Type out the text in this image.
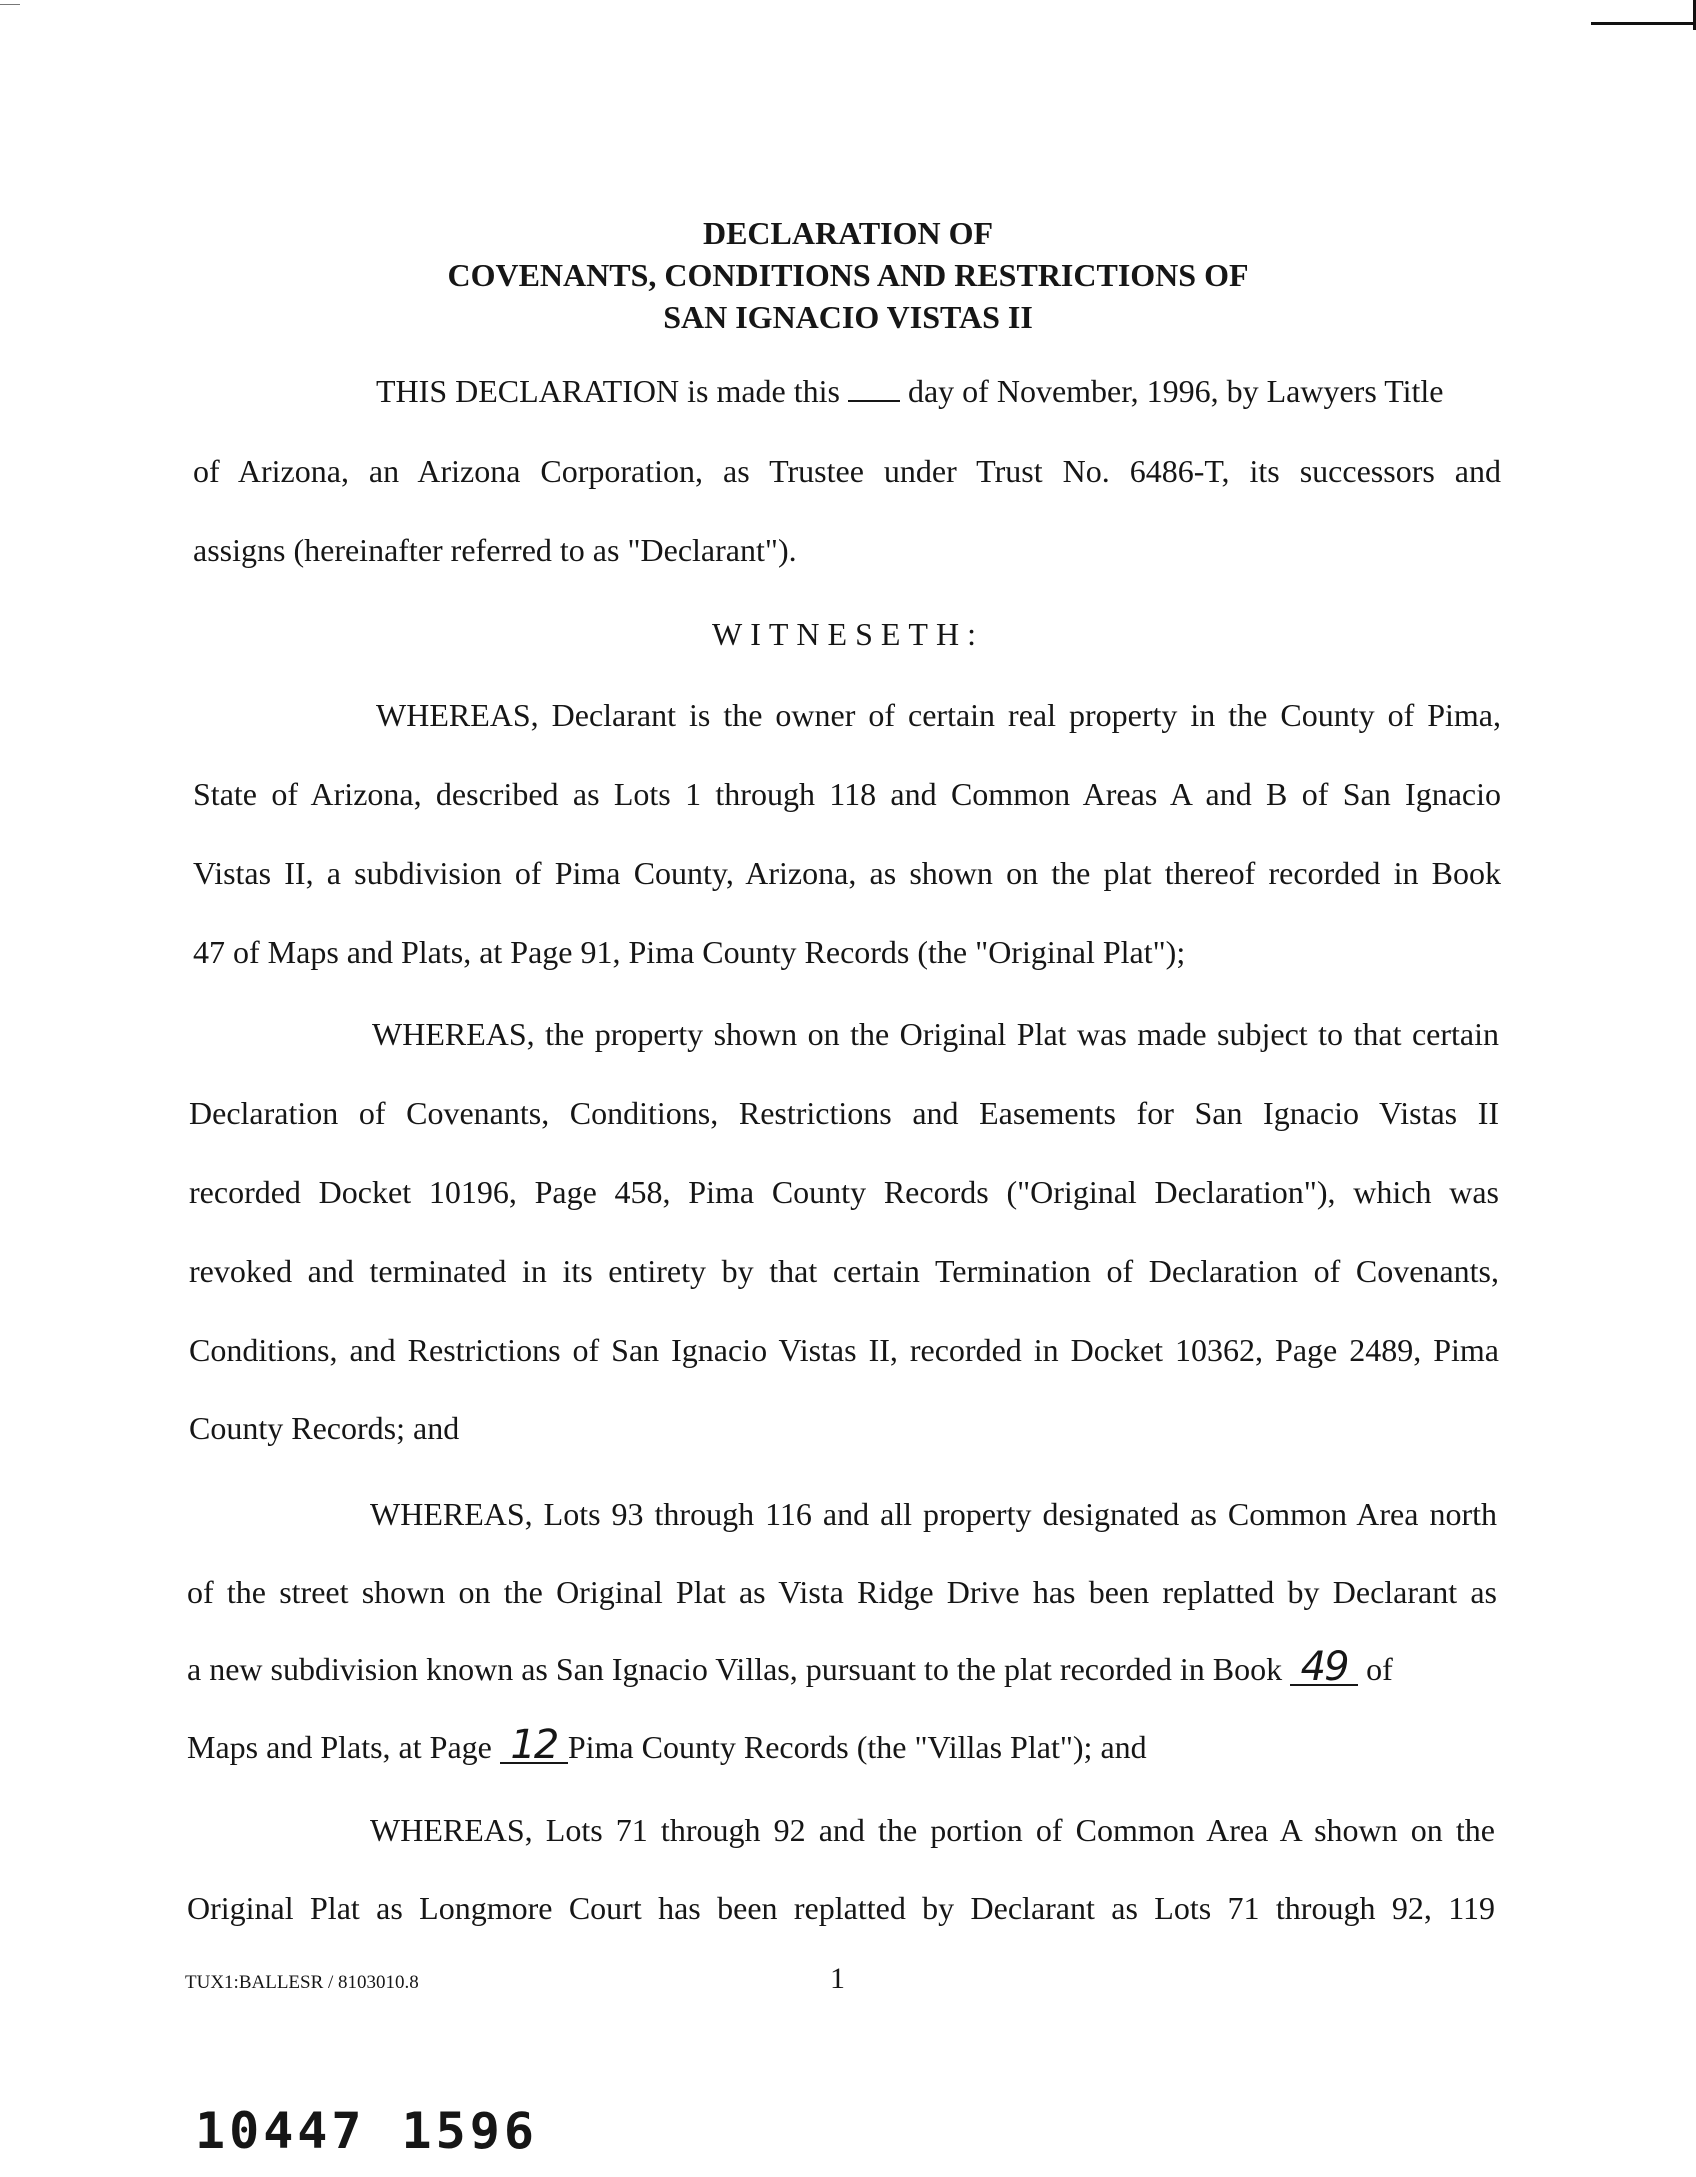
DECLARATION OF
COVENANTS, CONDITIONS AND RESTRICTIONS OF
SAN IGNACIO VISTAS II
THIS DECLARATION is made this day of November, 1996, by Lawyers Title
of Arizona, an Arizona Corporation, as Trustee under Trust No. 6486-T, its successors and
assigns (hereinafter referred to as "Declarant").
WITNESETH:
WHEREAS, Declarant is the owner of certain real property in the County of Pima,
State of Arizona, described as Lots 1 through 118 and Common Areas A and B of San Ignacio
Vistas II, a subdivision of Pima County, Arizona, as shown on the plat thereof recorded in Book
47 of Maps and Plats, at Page 91, Pima County Records (the "Original Plat");
WHEREAS, the property shown on the Original Plat was made subject to that certain
Declaration of Covenants, Conditions, Restrictions and Easements for San Ignacio Vistas II
recorded Docket 10196, Page 458, Pima County Records ("Original Declaration"), which was
revoked and terminated in its entirety by that certain Termination of Declaration of Covenants,
Conditions, and Restrictions of San Ignacio Vistas II, recorded in Docket 10362, Page 2489, Pima
County Records; and
WHEREAS, Lots 93 through 116 and all property designated as Common Area north
of the street shown on the Original Plat as Vista Ridge Drive has been replatted by Declarant as
a new subdivision known as San Ignacio Villas, pursuant to the plat recorded in Book 49 of
Maps and Plats, at Page 12 Pima County Records (the "Villas Plat"); and
WHEREAS, Lots 71 through 92 and the portion of Common Area A shown on the
Original Plat as Longmore Court has been replatted by Declarant as Lots 71 through 92, 119
TUX1:BALLESR / 8103010.8	1
10447 1596
